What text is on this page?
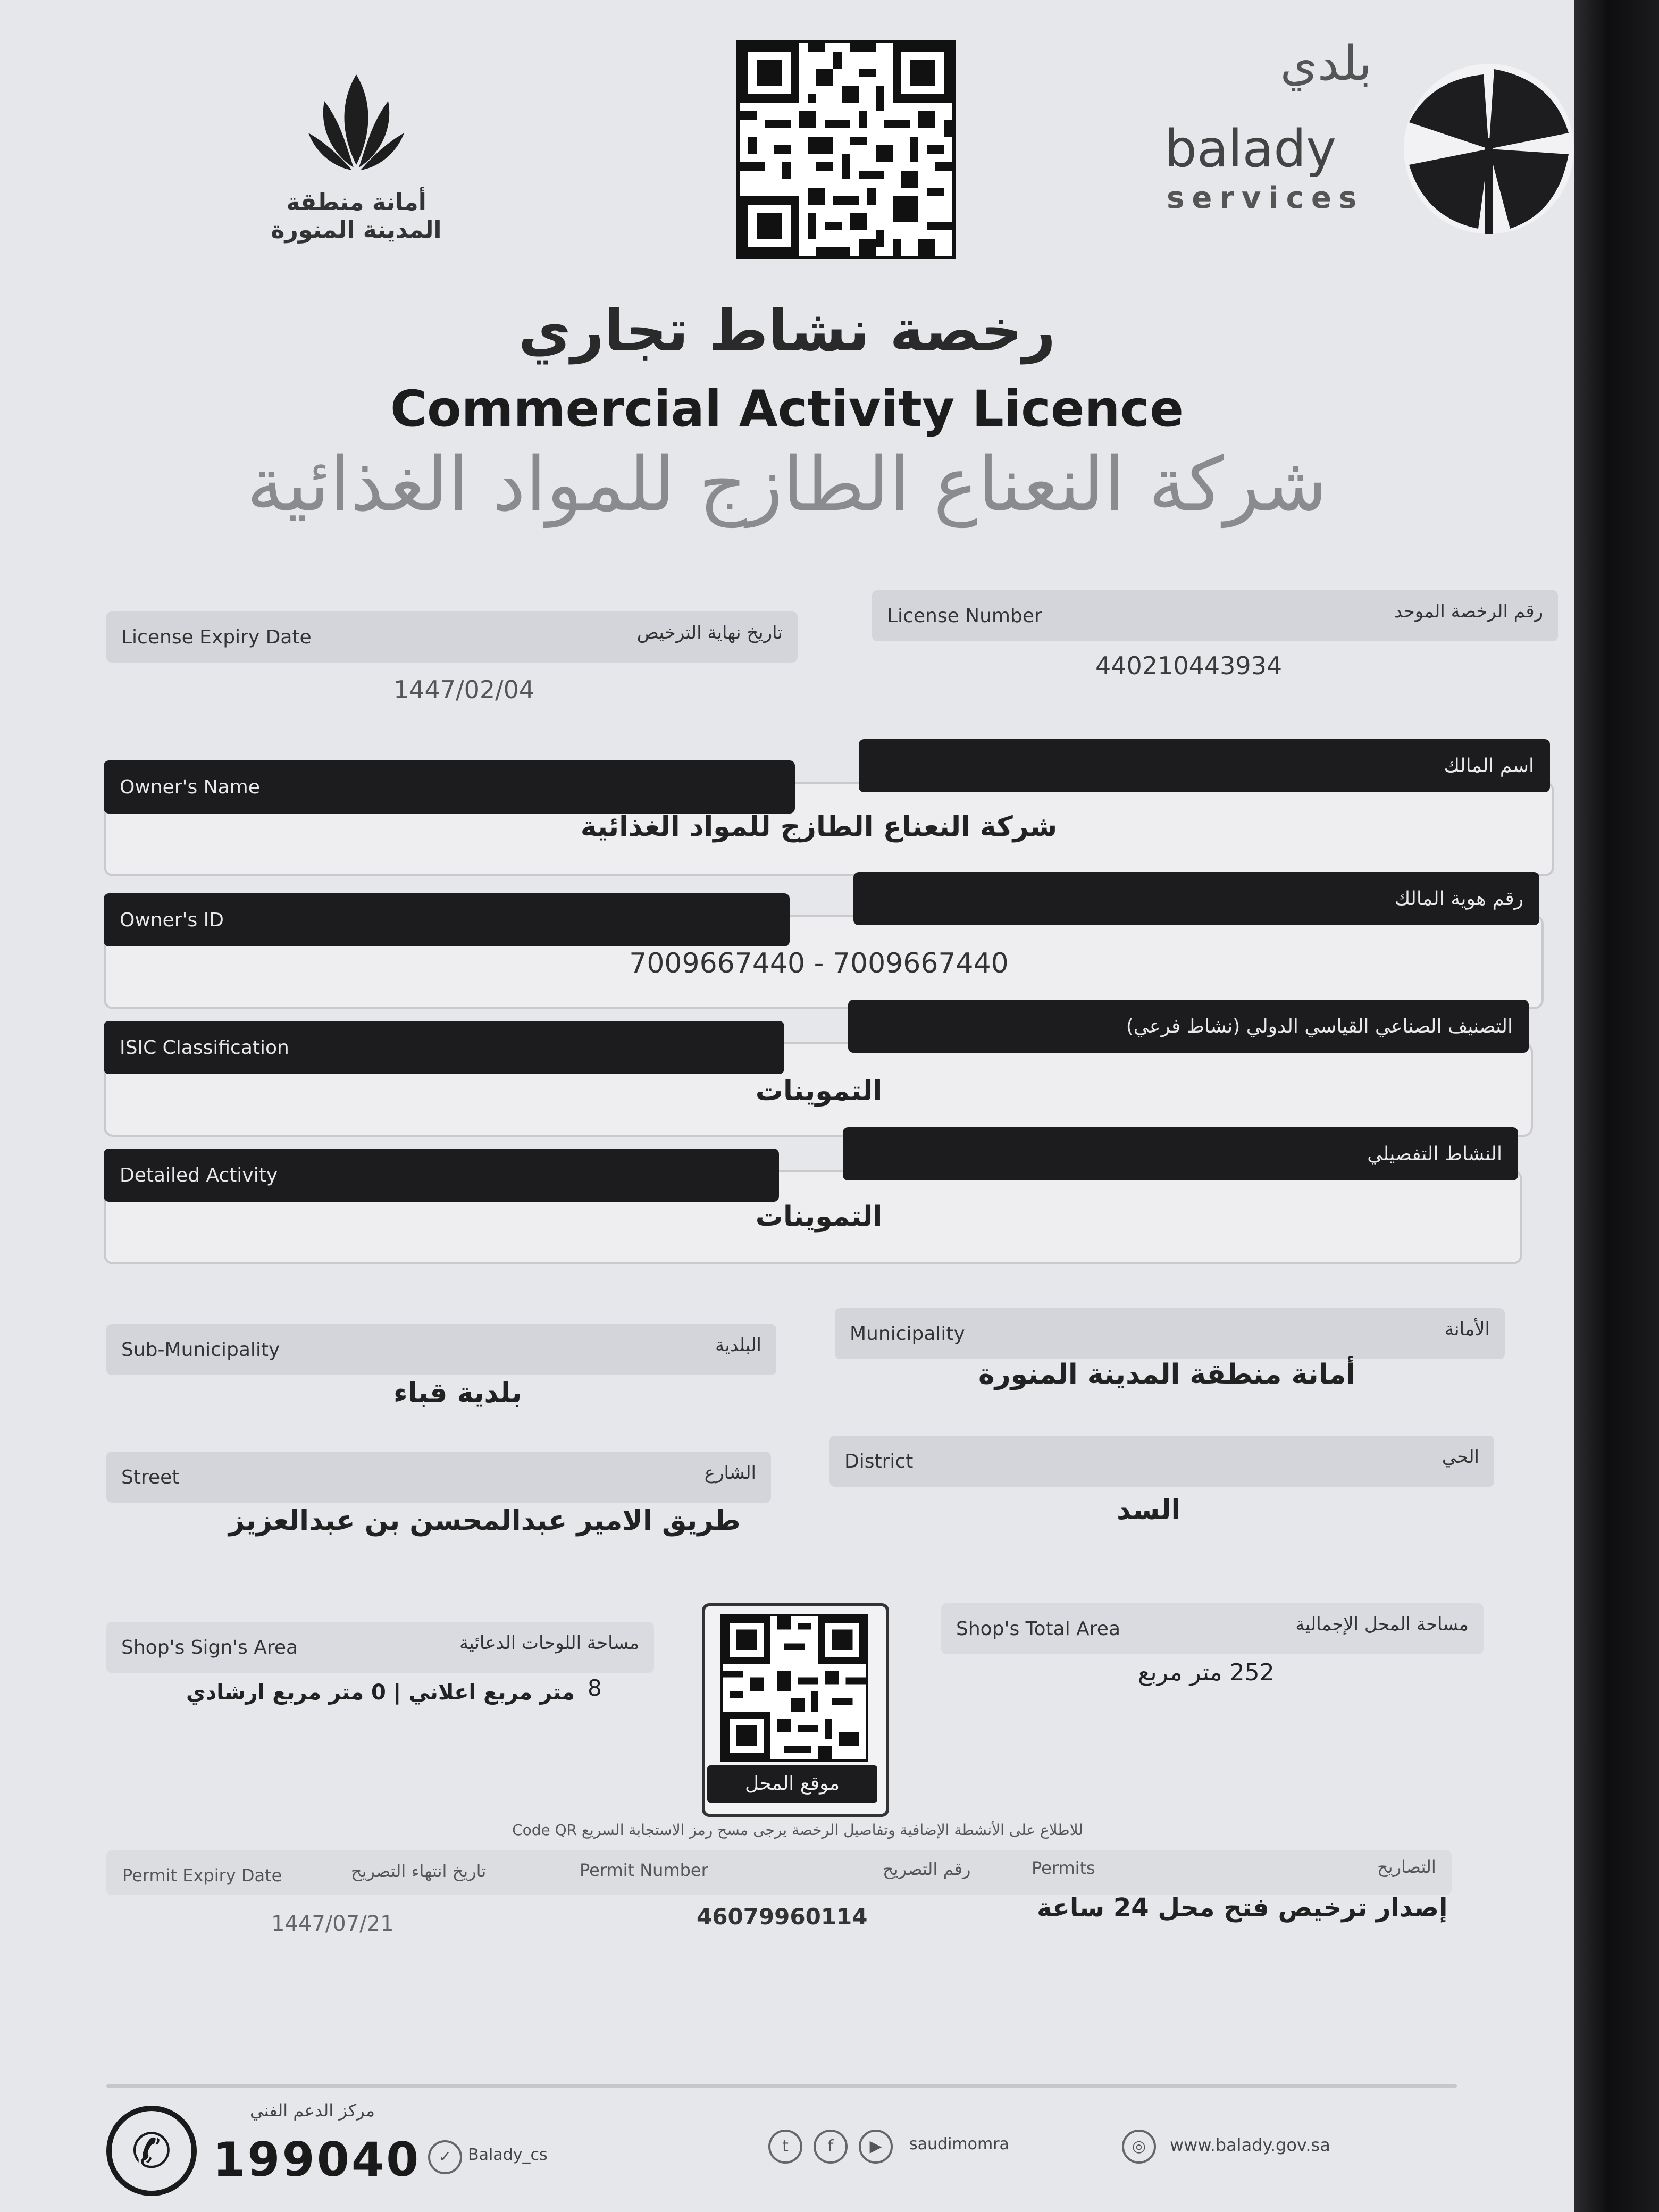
أمانة منطقة المدينة المنورة
بلدي
balady
services
رخصة نشاط تجاري
Commercial Activity Licence
شركة النعناع الطازج للمواد الغذائية
License Expiry Date	تاريخ نهاية الترخيص
1447/02/04
License Number	رقم الرخصة الموحد
440210443934
Owner's Name
اسم المالك
شركة النعناع الطازج للمواد الغذائية
Owner's ID
رقم هوية المالك
7009667440 - 7009667440
ISIC Classification
التصنيف الصناعي القياسي الدولي (نشاط فرعي)
التموينات
Detailed Activity
النشاط التفصيلي
التموينات
Sub-Municipality	البلدية
بلدية قباء
Municipality	الأمانة
أمانة منطقة المدينة المنورة
Street	الشارع
طريق الامير عبدالمحسن بن عبدالعزيز
District	الحي
السد
Shop's Sign's Area	مساحة اللوحات الدعائية
متر مربع اعلاني | 0 متر مربع ارشادي 8
موقع المحل
Shop's Total Area	مساحة المحل الإجمالية
252 متر مربع
للاطلاع على الأنشطة الإضافية وتفاصيل الرخصة يرجى مسح رمز الاستجابة السريع Code QR
Permit Expiry Date	تاريخ انتهاء التصريح	Permit Number	رقم التصريح	Permits	التصاريح
1447/07/21	46079960114	إصدار ترخيص فتح محل 24 ساعة
✆
مركز الدعم الفني
199040	✓	Balady_cs	t	f	▶	saudimomra	◎	www.balady.gov.sa
